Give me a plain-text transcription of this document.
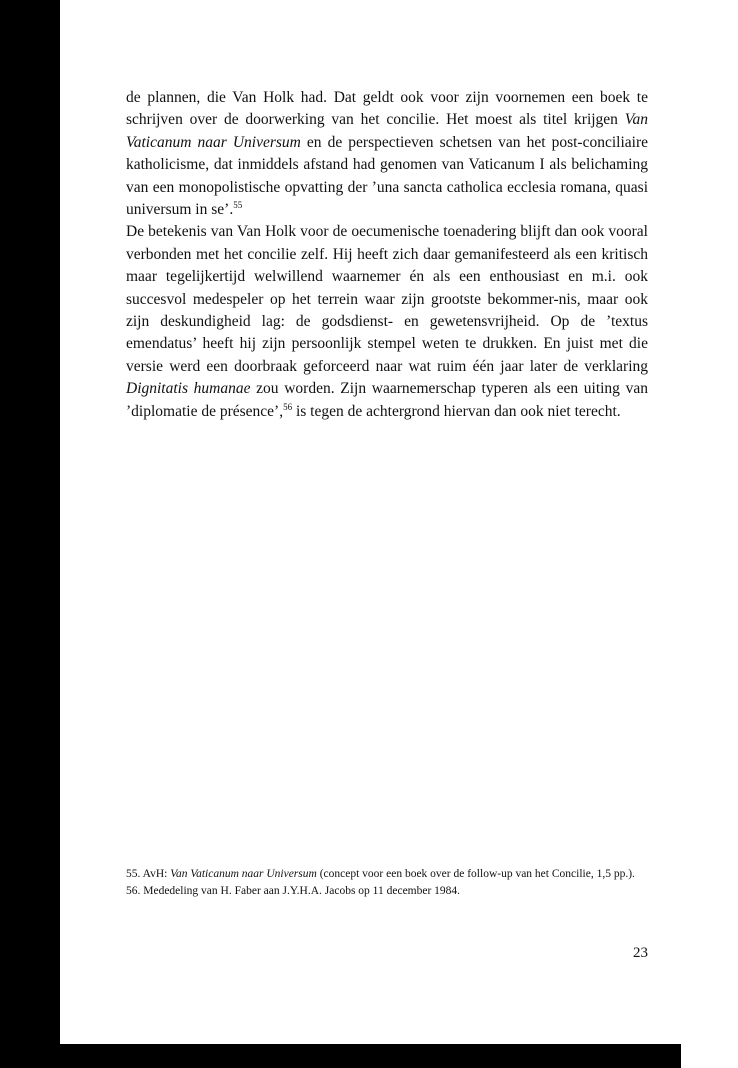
de plannen, die Van Holk had. Dat geldt ook voor zijn voornemen een boek te schrijven over de doorwerking van het concilie. Het moest als titel krijgen Van Vaticanum naar Universum en de perspectieven schetsen van het post-conciliaire katholicisme, dat inmiddels afstand had genomen van Vaticanum I als belichaming van een monopolistische opvatting der ’una sancta catholica ecclesia romana, quasi universum in se’.$^{55}$

De betekenis van Van Holk voor de oecumenische toenadering blijft dan ook vooral verbonden met het concilie zelf. Hij heeft zich daar gemanifesteerd als een kritisch maar tegelijkertijd welwillend waarnemer én als een enthousiast en m.i. ook succesvol medespeler op het terrein waar zijn grootste bekommer-nis, maar ook zijn deskundigheid lag: de godsdienst- en gewetensvrijheid. Op de ’textus emendatus’ heeft hij zijn persoonlijk stempel weten te drukken. En juist met die versie werd een doorbraak geforceerd naar wat ruim één jaar later de verklaring Dignitatis humanae zou worden. Zijn waarnemerschap typeren als een uiting van ’diplomatie de présence’,$^{56}$ is tegen de achtergrond hiervan dan ook niet terecht.

55. AvH: Van Vaticanum naar Universum (concept voor een boek over de follow-up van het Concilie, 1,5 pp.).

56. Mededeling van H. Faber aan J.Y.H.A. Jacobs op 11 december 1984.

23
